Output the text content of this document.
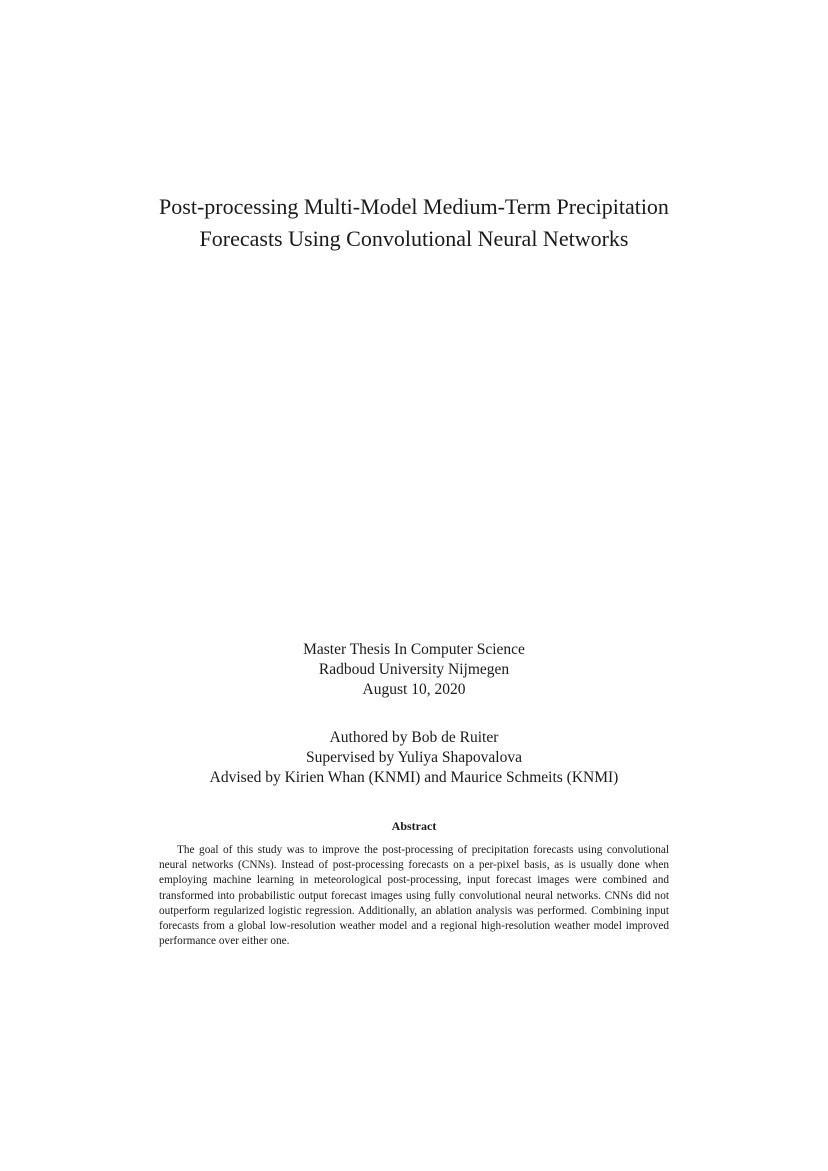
Post-processing Multi-Model Medium-Term Precipitation
Forecasts Using Convolutional Neural Networks
Master Thesis In Computer Science
Radboud University Nijmegen
August 10, 2020
Authored by Bob de Ruiter
Supervised by Yuliya Shapovalova
Advised by Kirien Whan (KNMI) and Maurice Schmeits (KNMI)
Abstract

The goal of this study was to improve the post-processing of precipitation forecasts using convolutional neural networks (CNNs). Instead of post-processing forecasts on a per-pixel basis, as is usually done when employing machine learning in meteorological post-processing, input forecast images were combined and transformed into probabilistic output forecast images using fully convolutional neural networks. CNNs did not outperform regularized logistic regression. Additionally, an ablation analysis was performed. Combining input forecasts from a global low-resolution weather model and a regional high-resolution weather model improved performance over either one.
